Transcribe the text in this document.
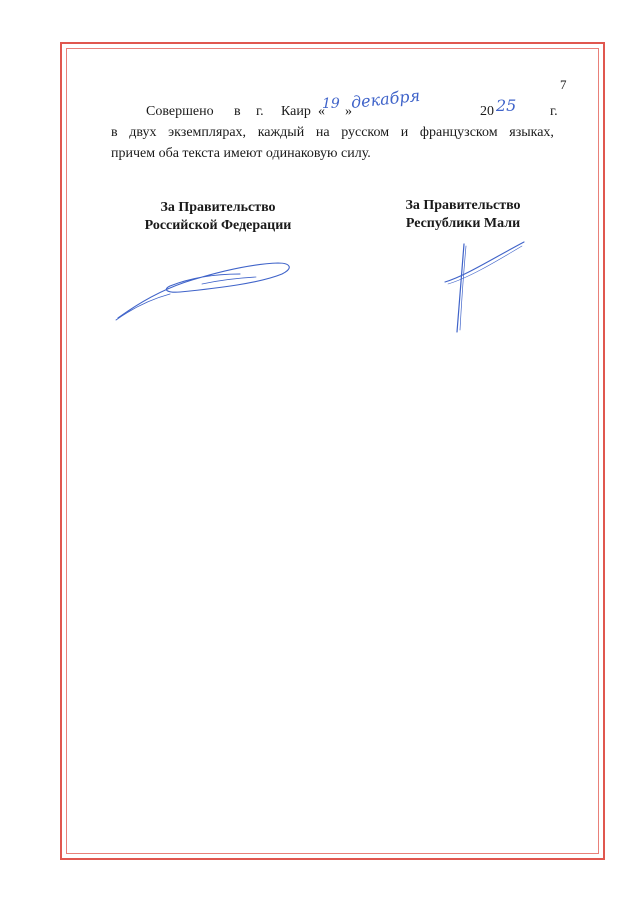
7
Совершено в г. Каир « »	20	г.
19 декабря	25
в двух экземплярах, каждый на русском и французском языках,
причем оба текста имеют одинаковую силу.
За Правительство
Российской Федерации
За Правительство
Республики Мали
